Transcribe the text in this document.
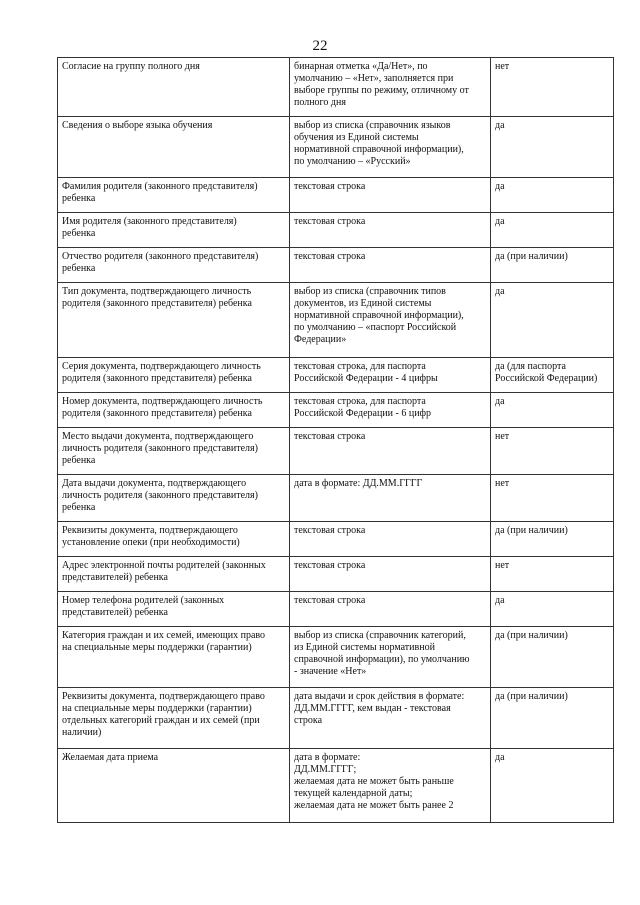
22
Согласие на группу полного дня	бинарная отметка «Да/Нет», по
умолчанию – «Нет», заполняется при
выборе группы по режиму, отличному от
полного дня	нет

Сведения о выборе языка обучения	выбор из списка (справочник языков
обучения из Единой системы
нормативной справочной информации),
по умолчанию – «Русский»	да

Фамилия родителя (законного представителя)
ребенка	текстовая строка	да

Имя родителя (законного представителя)
ребенка	текстовая строка	да

Отчество родителя (законного представителя)
ребенка	текстовая строка	да (при наличии)

Тип документа, подтверждающего личность
родителя (законного представителя) ребенка	выбор из списка (справочник типов
документов, из Единой системы
нормативной справочной информации),
по умолчанию – «паспорт Российской
Федерации»	да

Серия документа, подтверждающего личность
родителя (законного представителя) ребенка	текстовая строка, для паспорта
Российской Федерации - 4 цифры	да (для паспорта
Российской Федерации)

Номер документа, подтверждающего личность
родителя (законного представителя) ребенка	текстовая строка, для паспорта
Российской Федерации - 6 цифр	да

Место выдачи документа, подтверждающего
личность родителя (законного представителя)
ребенка	текстовая строка	нет

Дата выдачи документа, подтверждающего
личность родителя (законного представителя)
ребенка	дата в формате: ДД.ММ.ГГГГ	нет

Реквизиты документа, подтверждающего
установление опеки (при необходимости)	текстовая строка	да (при наличии)

Адрес электронной почты родителей (законных
представителей) ребенка	текстовая строка	нет

Номер телефона родителей (законных
представителей) ребенка	текстовая строка	да

Категория граждан и их семей, имеющих право
на специальные меры поддержки (гарантии)	выбор из списка (справочник категорий,
из Единой системы нормативной
справочной информации), по умолчанию
- значение «Нет»	да (при наличии)

Реквизиты документа, подтверждающего право
на специальные меры поддержки (гарантии)
отдельных категорий граждан и их семей (при
наличии)	дата выдачи и срок действия в формате:
ДД.ММ.ГГГГ, кем выдан - текстовая
строка	да (при наличии)

Желаемая дата приема	дата в формате:
ДД.ММ.ГГГГ;
желаемая дата не может быть раньше
текущей календарной даты;
желаемая дата не может быть ранее 2	да
